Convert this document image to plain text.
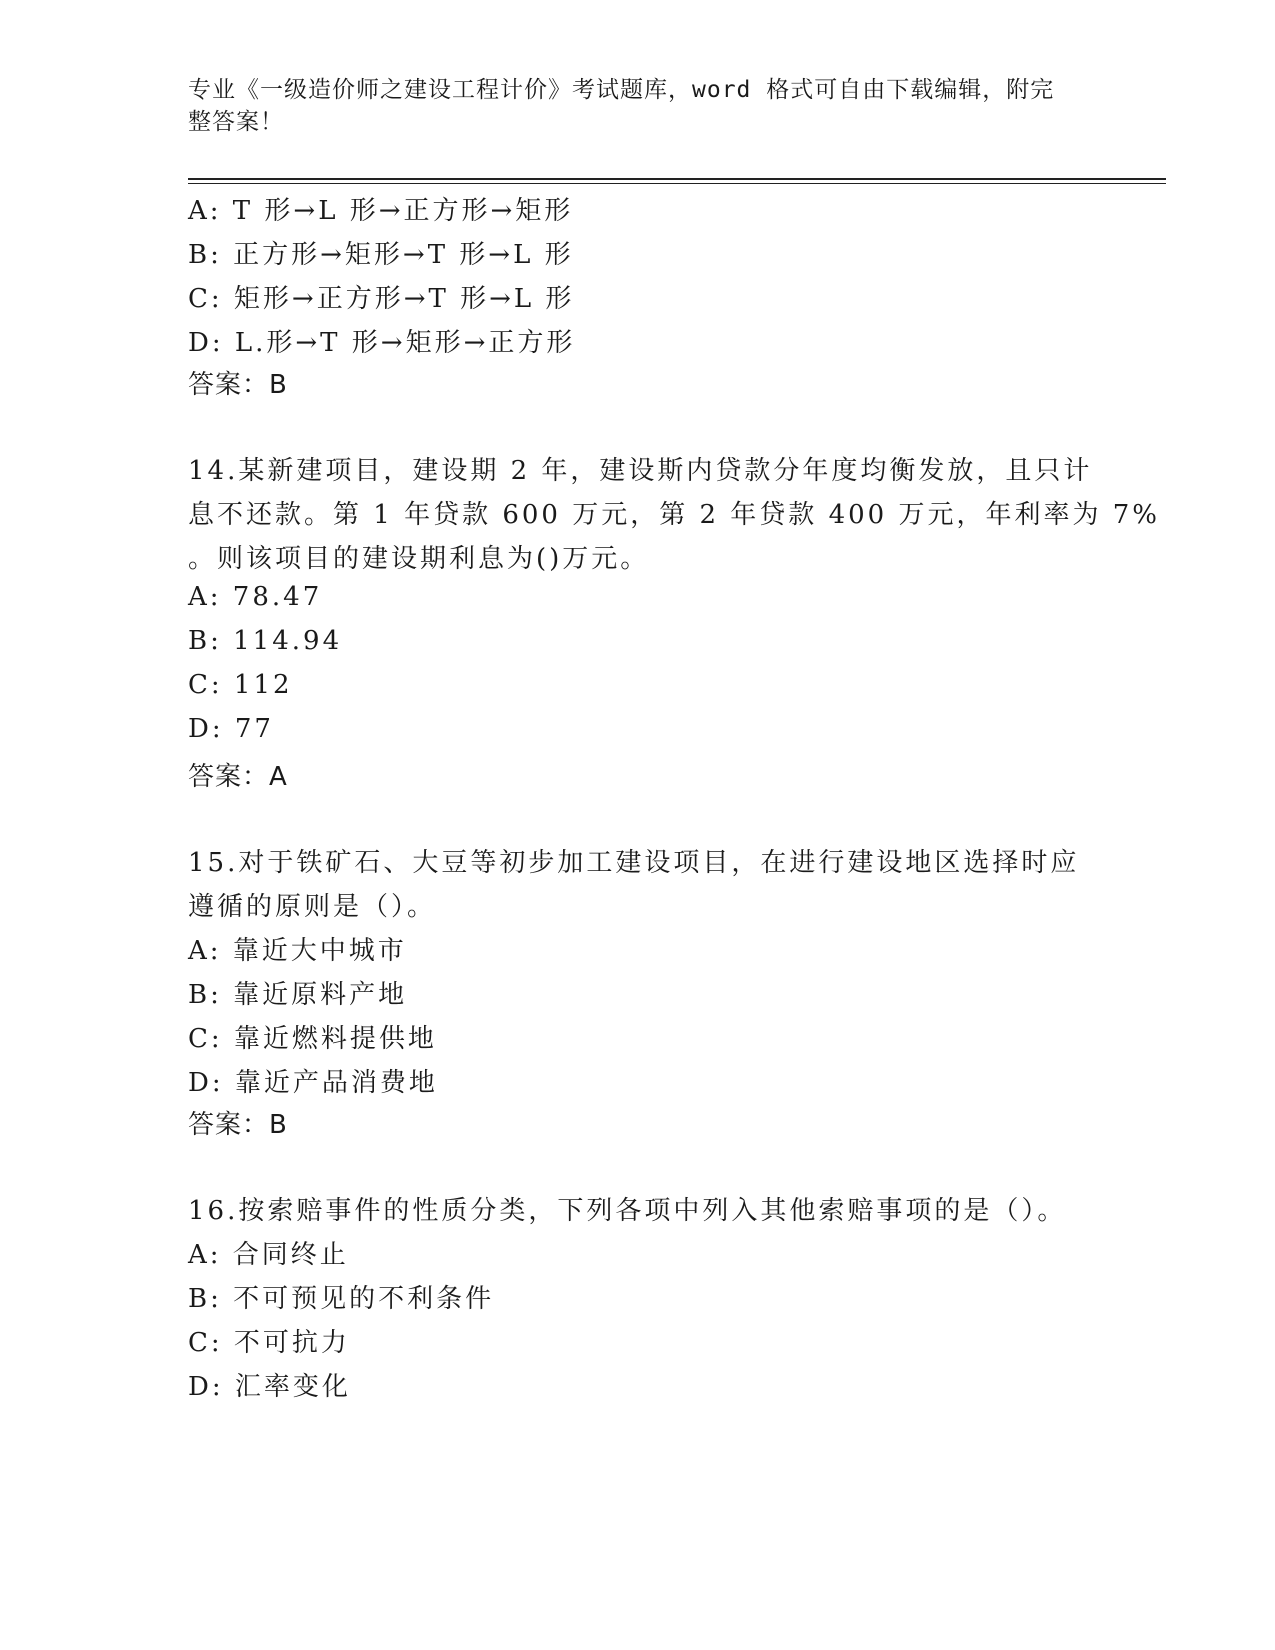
专业《一级造价师之建设工程计价》考试题库，word 格式可自由下载编辑，附完
整答案！
A: T 形→L 形→正方形→矩形
B: 正方形→矩形→T 形→L 形
C: 矩形→正方形→T 形→L 形
D: L.形→T 形→矩形→正方形
答案：B
14.某新建项目，建设期 2 年，建设斯内贷款分年度均衡发放，且只计
息不还款。第 1 年贷款 600 万元，第 2 年贷款 400 万元，年利率为 7%
。则该项目的建设期利息为()万元。
A: 78.47
B: 114.94
C: 112
D: 77
答案：A
15.对于铁矿石、大豆等初步加工建设项目，在进行建设地区选择时应
遵循的原则是（）。
A: 靠近大中城市
B: 靠近原料产地
C: 靠近燃料提供地
D: 靠近产品消费地
答案：B
16.按索赔事件的性质分类，下列各项中列入其他索赔事项的是（）。
A: 合同终止
B: 不可预见的不利条件
C: 不可抗力
D: 汇率变化
